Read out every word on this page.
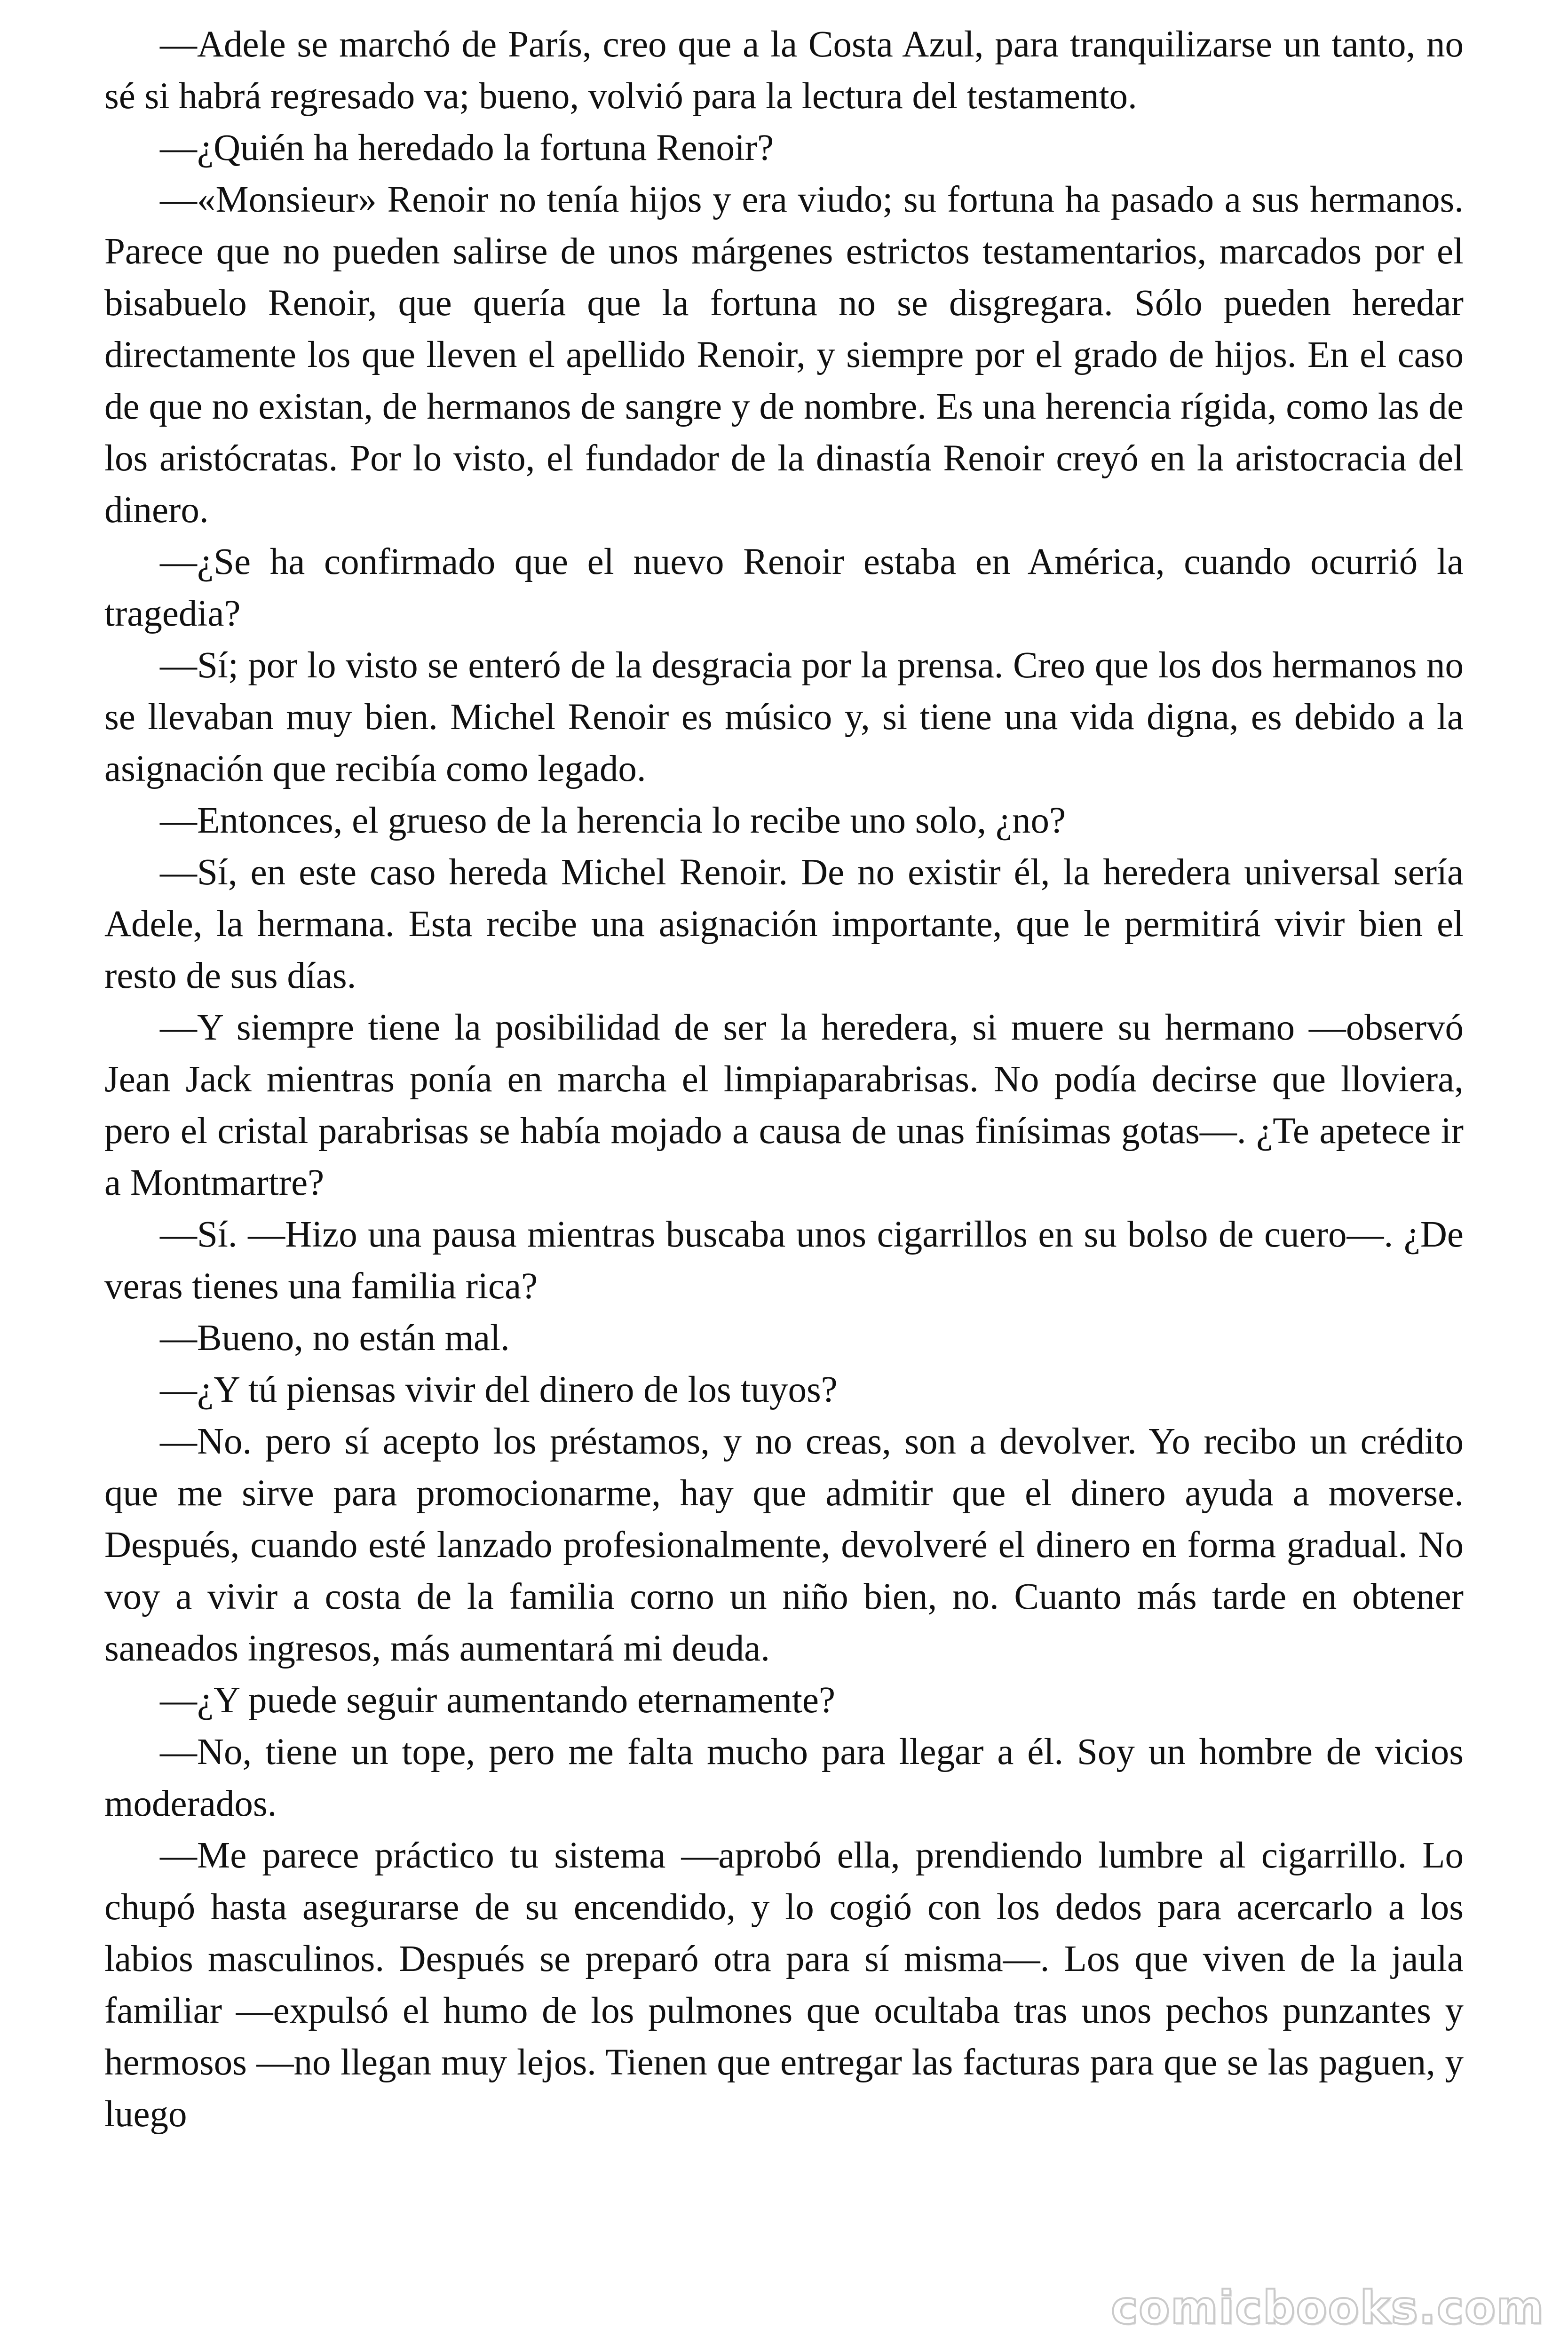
—Adele se marchó de París, creo que a la Costa Azul, para tranquilizarse un tanto, no sé si habrá regresado va; bueno, volvió para la lectura del testamento.

—¿Quién ha heredado la fortuna Renoir?

—«Monsieur» Renoir no tenía hijos y era viudo; su fortuna ha pasado a sus hermanos. Parece que no pueden salirse de unos márgenes estrictos testamentarios, marcados por el bisabuelo Renoir, que quería que la fortuna no se disgregara. Sólo pueden heredar directamente los que lleven el apellido Renoir, y siempre por el grado de hijos. En el caso de que no existan, de hermanos de sangre y de nombre. Es una herencia rígida, como las de los aristócratas. Por lo visto, el fundador de la dinastía Renoir creyó en la aristocracia del dinero.

—¿Se ha confirmado que el nuevo Renoir estaba en América, cuando ocurrió la tragedia?

—Sí; por lo visto se enteró de la desgracia por la prensa. Creo que los dos hermanos no se llevaban muy bien. Michel Renoir es músico y, si tiene una vida digna, es debido a la asignación que recibía como legado.

—Entonces, el grueso de la herencia lo recibe uno solo, ¿no?

—Sí, en este caso hereda Michel Renoir. De no existir él, la heredera universal sería Adele, la hermana. Esta recibe una asignación importante, que le permitirá vivir bien el resto de sus días.

—Y siempre tiene la posibilidad de ser la heredera, si muere su hermano —observó Jean Jack mientras ponía en marcha el limpiaparabrisas. No podía decirse que lloviera, pero el cristal parabrisas se había mojado a causa de unas finísimas gotas—. ¿Te apetece ir a Montmartre?

—Sí. —Hizo una pausa mientras buscaba unos cigarrillos en su bolso de cuero—. ¿De veras tienes una familia rica?

—Bueno, no están mal.

—¿Y tú piensas vivir del dinero de los tuyos?

—No. pero sí acepto los préstamos, y no creas, son a devolver. Yo recibo un crédito que me sirve para promocionarme, hay que admitir que el dinero ayuda a moverse. Después, cuando esté lanzado profesionalmente, devolveré el dinero en forma gradual. No voy a vivir a costa de la familia corno un niño bien, no. Cuanto más tarde en obtener saneados ingresos, más aumentará mi deuda.

—¿Y puede seguir aumentando eternamente?

—No, tiene un tope, pero me falta mucho para llegar a él. Soy un hombre de vicios moderados.

—Me parece práctico tu sistema —aprobó ella, prendiendo lumbre al cigarrillo. Lo chupó hasta asegurarse de su encendido, y lo cogió con los dedos para acercarlo a los labios masculinos. Después se preparó otra para sí misma—. Los que viven de la jaula familiar —expulsó el humo de los pulmones que ocultaba tras unos pechos punzantes y hermosos —no llegan muy lejos. Tienen que entregar las facturas para que se las paguen, y luego

comicbooks.com
